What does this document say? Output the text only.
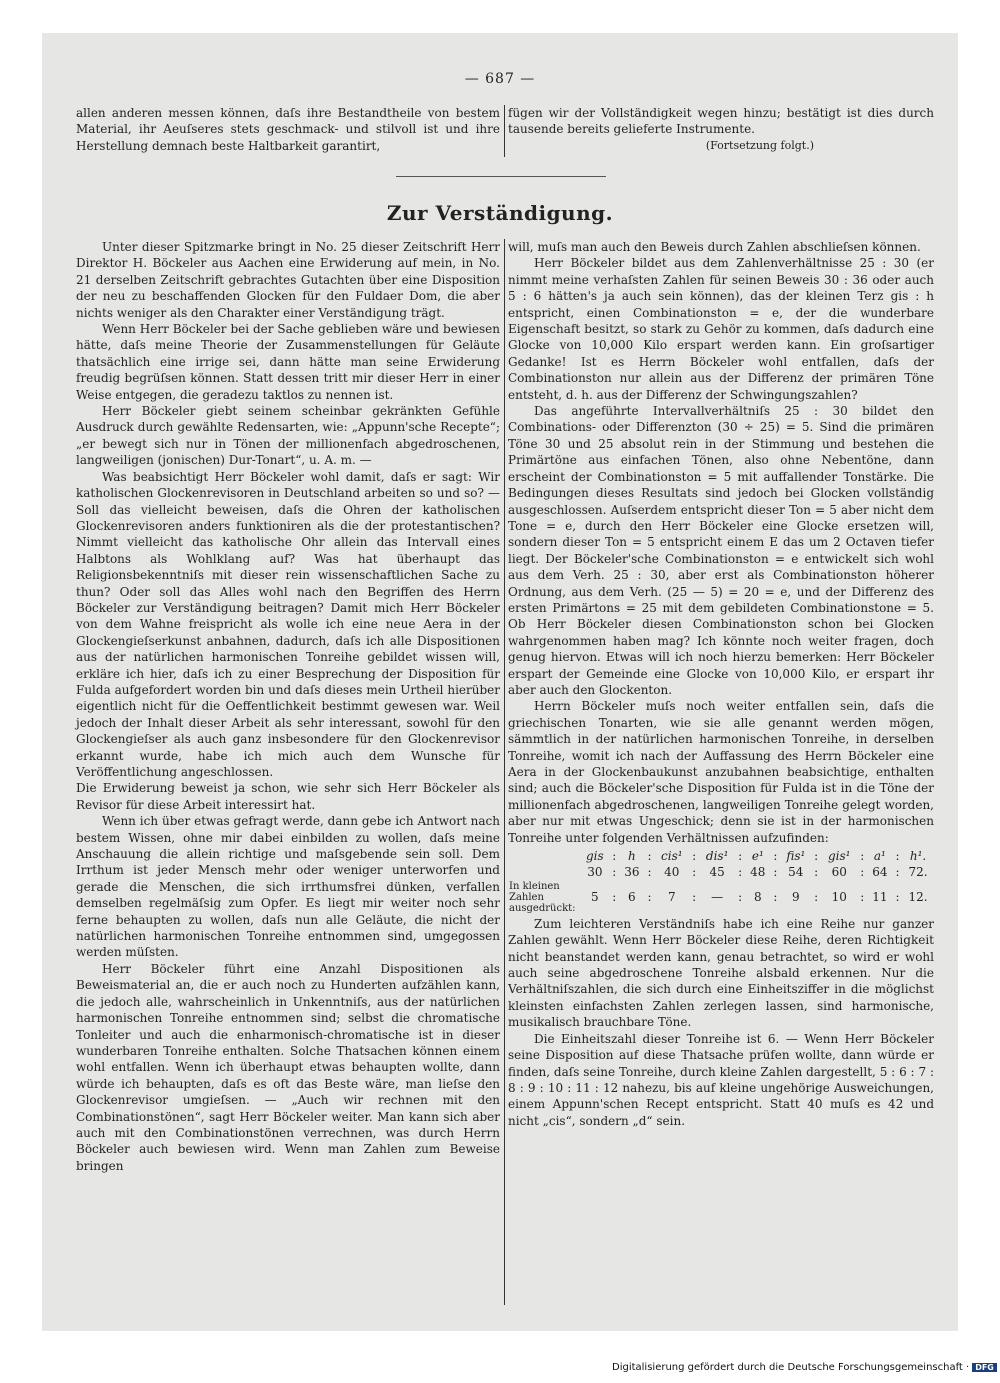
— 687 —

allen anderen messen können, daſs ihre Bestandtheile von bestem Material, ihr Aeuſseres stets geschmack- und stilvoll ist und ihre Herstellung demnach beste Haltbarkeit garantirt,

fügen wir der Vollständigkeit wegen hinzu; bestätigt ist dies durch tausende bereits gelieferte Instrumente.

(Fortsetzung folgt.)

Zur Verständigung.

Unter dieser Spitzmarke bringt in No. 25 dieser Zeitschrift Herr Direktor H. Böckeler aus Aachen eine Erwiderung auf mein, in No. 21 derselben Zeitschrift gebrachtes Gutachten über eine Disposition der neu zu beschaffenden Glocken für den Fuldaer Dom, die aber nichts weniger als den Charakter einer Verständigung trägt.

Wenn Herr Böckeler bei der Sache geblieben wäre und bewiesen hätte, daſs meine Theorie der Zusammenstellungen für Geläute thatsächlich eine irrige sei, dann hätte man seine Erwiderung freudig begrüſsen können. Statt dessen tritt mir dieser Herr in einer Weise entgegen, die geradezu taktlos zu nennen ist.

Herr Böckeler giebt seinem scheinbar gekränkten Gefühle Ausdruck durch gewählte Redensarten, wie: „Appunn'sche Recepte“; „er bewegt sich nur in Tönen der millionenfach abgedroschenen, langweiligen (jonischen) Dur-Tonart“, u. A. m. —

Was beabsichtigt Herr Böckeler wohl damit, daſs er sagt: Wir katholischen Glockenrevisoren in Deutschland arbeiten so und so? — Soll das vielleicht beweisen, daſs die Ohren der katholischen Glockenrevisoren anders funktioniren als die der protestantischen? Nimmt vielleicht das katholische Ohr allein das Intervall eines Halbtons als Wohlklang auf? Was hat überhaupt das Religionsbekenntniſs mit dieser rein wissenschaftlichen Sache zu thun? Oder soll das Alles wohl nach den Begriffen des Herrn Böckeler zur Verständigung beitragen? Damit mich Herr Böckeler von dem Wahne freispricht als wolle ich eine neue Aera in der Glockengieſserkunst anbahnen, dadurch, daſs ich alle Dispositionen aus der natürlichen harmonischen Tonreihe gebildet wissen will, erkläre ich hier, daſs ich zu einer Besprechung der Disposition für Fulda aufgefordert worden bin und daſs dieses mein Urtheil hierüber eigentlich nicht für die Oeffentlichkeit bestimmt gewesen war. Weil jedoch der Inhalt dieser Arbeit als sehr interessant, sowohl für den Glockengieſser als auch ganz insbesondere für den Glockenrevisor erkannt wurde, habe ich mich auch dem Wunsche für Veröffentlichung angeschlossen.

Die Erwiderung beweist ja schon, wie sehr sich Herr Böckeler als Revisor für diese Arbeit interessirt hat.

Wenn ich über etwas gefragt werde, dann gebe ich Antwort nach bestem Wissen, ohne mir dabei einbilden zu wollen, daſs meine Anschauung die allein richtige und maſsgebende sein soll. Dem Irrthum ist jeder Mensch mehr oder weniger unterworfen und gerade die Menschen, die sich irrthumsfrei dünken, verfallen demselben regelmäſsig zum Opfer. Es liegt mir weiter noch sehr ferne behaupten zu wollen, daſs nun alle Geläute, die nicht der natürlichen harmonischen Tonreihe entnommen sind, umgegossen werden müſsten.

Herr Böckeler führt eine Anzahl Dispositionen als Beweismaterial an, die er auch noch zu Hunderten aufzählen kann, die jedoch alle, wahrscheinlich in Unkenntniſs, aus der natürlichen harmonischen Tonreihe entnommen sind; selbst die chromatische Tonleiter und auch die enharmonisch-chromatische ist in dieser wunderbaren Tonreihe enthalten. Solche Thatsachen können einem wohl entfallen. Wenn ich überhaupt etwas behaupten wollte, dann würde ich behaupten, daſs es oft das Beste wäre, man lieſse den Glockenrevisor umgieſsen. — „Auch wir rechnen mit den Combinationstönen“, sagt Herr Böckeler weiter. Man kann sich aber auch mit den Combinationstönen verrechnen, was durch Herrn Böckeler auch bewiesen wird. Wenn man Zahlen zum Beweise bringen

will, muſs man auch den Beweis durch Zahlen abschlieſsen können.

Herr Böckeler bildet aus dem Zahlenverhältnisse 25 : 30 (er nimmt meine verhaſsten Zahlen für seinen Beweis 30 : 36 oder auch 5 : 6 hätten's ja auch sein können), das der kleinen Terz gis : h entspricht, einen Combinationston = e, der die wunderbare Eigenschaft besitzt, so stark zu Gehör zu kommen, daſs dadurch eine Glocke von 10,000 Kilo erspart werden kann. Ein groſsartiger Gedanke! Ist es Herrn Böckeler wohl entfallen, daſs der Combinationston nur allein aus der Differenz der primären Töne entsteht, d. h. aus der Differenz der Schwingungszahlen?

Das angeführte Intervallverhältniſs 25 : 30 bildet den Combinations- oder Differenzton (30 ÷ 25) = 5. Sind die primären Töne 30 und 25 absolut rein in der Stimmung und bestehen die Primärtöne aus einfachen Tönen, also ohne Nebentöne, dann erscheint der Combinationston = 5 mit auffallender Tonstärke. Die Bedingungen dieses Resultats sind jedoch bei Glocken vollständig ausgeschlossen. Auſserdem entspricht dieser Ton = 5 aber nicht dem Tone = e, durch den Herr Böckeler eine Glocke ersetzen will, sondern dieser Ton = 5 entspricht einem E das um 2 Octaven tiefer liegt. Der Böckeler'sche Combinationston = e entwickelt sich wohl aus dem Verh. 25 : 30, aber erst als Combinationston höherer Ordnung, aus dem Verh. (25 — 5) = 20 = e, und der Differenz des ersten Primärtons = 25 mit dem gebildeten Combinationstone = 5. Ob Herr Böckeler diesen Combinationston schon bei Glocken wahrgenommen haben mag? Ich könnte noch weiter fragen, doch genug hiervon. Etwas will ich noch hierzu bemerken: Herr Böckeler erspart der Gemeinde eine Glocke von 10,000 Kilo, er erspart ihr aber auch den Glockenton.

Herrn Böckeler muſs noch weiter entfallen sein, daſs die griechischen Tonarten, wie sie alle genannt werden mögen, sämmtlich in der natürlichen harmonischen Tonreihe, in derselben Tonreihe, womit ich nach der Auffassung des Herrn Böckeler eine Aera in der Glockenbaukunst anzubahnen beabsichtige, enthalten sind; auch die Böckeler'sche Disposition für Fulda ist in die Töne der millionenfach abgedroschenen, langweiligen Tonreihe gelegt worden, aber nur mit etwas Ungeschick; denn sie ist in der harmonischen Tonreihe unter folgenden Verhältnissen aufzufinden:

	gis	:	h	:	cis¹	:	dis¹	:	e¹	:	fis¹	:	gis¹	:	a¹	:	h¹.
	30	:	36	:	40	:	45	:	48	:	54	:	60	:	64	:	72.
In kleinen Zahlen ausgedrückt:	5	:	6	:	7	:	—	:	8	:	9	:	10	:	11	:	12.

Zum leichteren Verständniſs habe ich eine Reihe nur ganzer Zahlen gewählt. Wenn Herr Böckeler diese Reihe, deren Richtigkeit nicht beanstandet werden kann, genau betrachtet, so wird er wohl auch seine abgedroschene Tonreihe alsbald erkennen. Nur die Verhältniſszahlen, die sich durch eine Einheitsziffer in die möglichst kleinsten einfachsten Zahlen zerlegen lassen, sind harmonische, musikalisch brauchbare Töne.

Die Einheitszahl dieser Tonreihe ist 6. — Wenn Herr Böckeler seine Disposition auf diese Thatsache prüfen wollte, dann würde er finden, daſs seine Tonreihe, durch kleine Zahlen dargestellt, 5 : 6 : 7 : 8 : 9 : 10 : 11 : 12 nahezu, bis auf kleine ungehörige Ausweichungen, einem Appunn'schen Recept entspricht. Statt 40 muſs es 42 und nicht „cis“, sondern „d“ sein.

Digitalisierung gefördert durch die Deutsche Forschungsgemeinschaft · DFG
